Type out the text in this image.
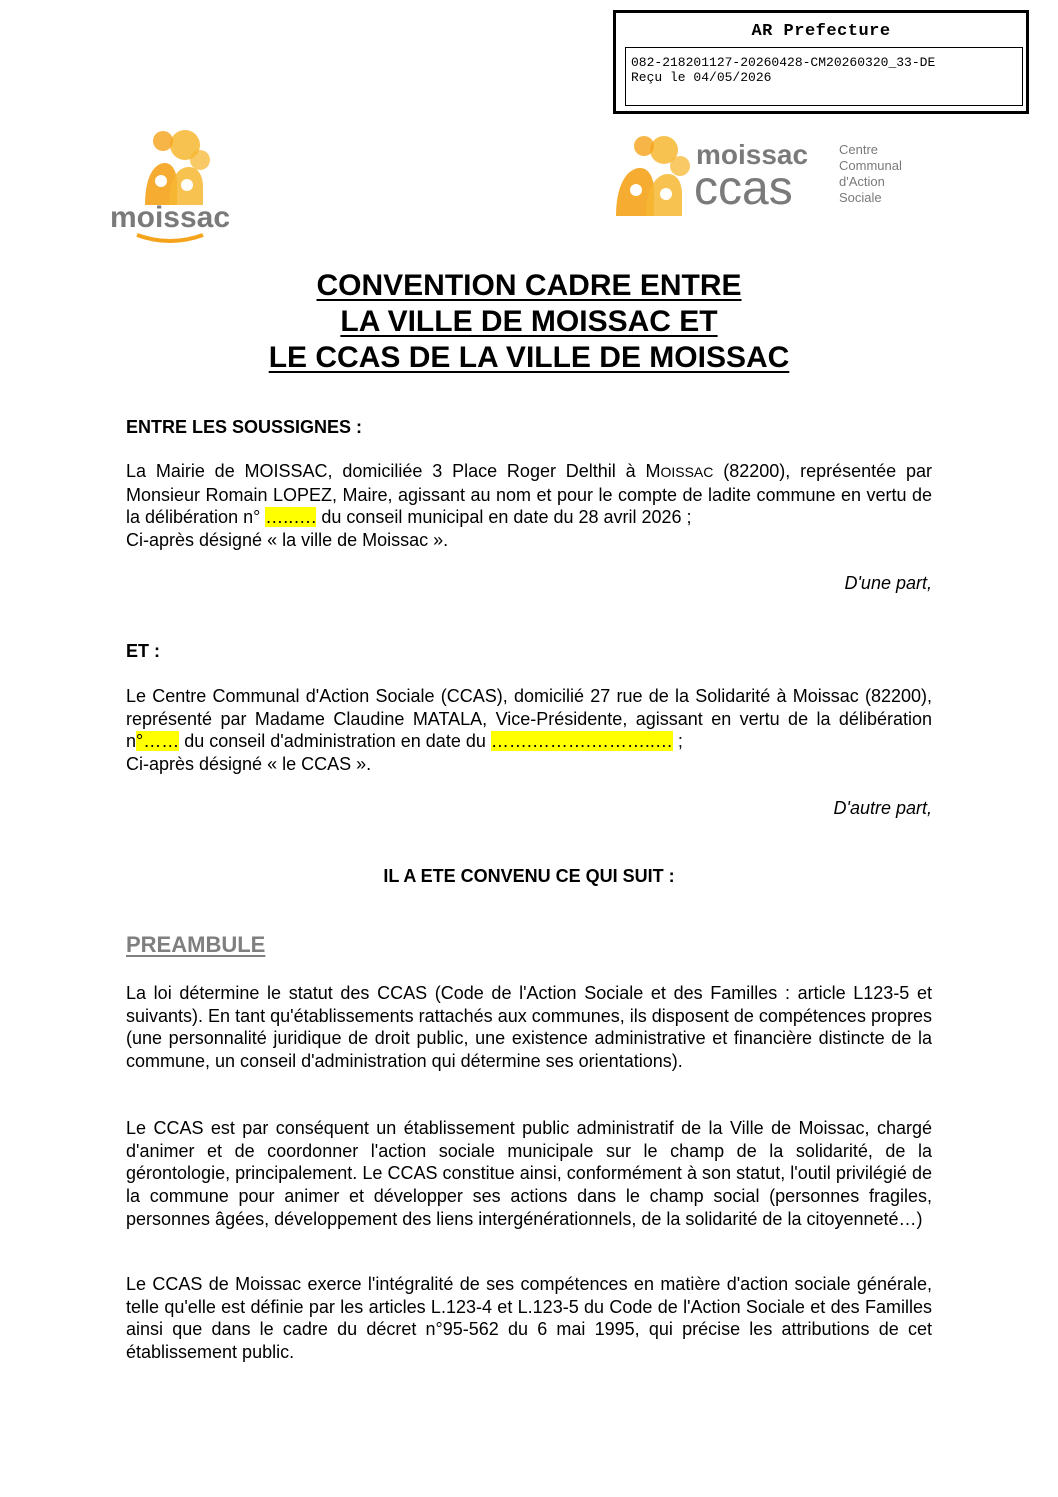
AR Prefecture
082-218201127-20260428-CM20260320_33-DE
Reçu le 04/05/2026
moissac
moissac
ccas
Centre
Communal
d'Action
Sociale
CONVENTION CADRE ENTRE
LA VILLE DE MOISSAC ET
LE CCAS DE LA VILLE DE MOISSAC
ENTRE LES SOUSSIGNES :
La Mairie de MOISSAC, domiciliée 3 Place Roger Delthil à MOISSAC (82200), représentée par Monsieur Romain LOPEZ, Maire, agissant au nom et pour le compte de ladite commune en vertu de la délibération n° …..…. du conseil municipal en date du 28 avril 2026 ;
Ci-après désigné « la ville de Moissac ».
D'une part,
ET :
Le Centre Communal d'Action Sociale (CCAS), domicilié 27 rue de la Solidarité à Moissac (82200), représenté par Madame Claudine MATALA, Vice-Présidente, agissant en vertu de la délibération n°…… du conseil d'administration en date du …….……….………..… ;
Ci-après désigné « le CCAS ».
D'autre part,
IL A ETE CONVENU CE QUI SUIT :
PREAMBULE
La loi détermine le statut des CCAS (Code de l'Action Sociale et des Familles : article L123-5 et suivants). En tant qu'établissements rattachés aux communes, ils disposent de compétences propres (une personnalité juridique de droit public, une existence administrative et financière distincte de la commune, un conseil d'administration qui détermine ses orientations).
Le CCAS est par conséquent un établissement public administratif de la Ville de Moissac, chargé d'animer et de coordonner l'action sociale municipale sur le champ de la solidarité, de la gérontologie, principalement. Le CCAS constitue ainsi, conformément à son statut, l'outil privilégié de la commune pour animer et développer ses actions dans le champ social (personnes fragiles, personnes âgées, développement des liens intergénérationnels, de la solidarité de la citoyenneté…)
Le CCAS de Moissac exerce l'intégralité de ses compétences en matière d'action sociale générale, telle qu'elle est définie par les articles L.123-4 et L.123-5 du Code de l'Action Sociale et des Familles ainsi que dans le cadre du décret n°95-562 du 6 mai 1995, qui précise les attributions de cet établissement public.
